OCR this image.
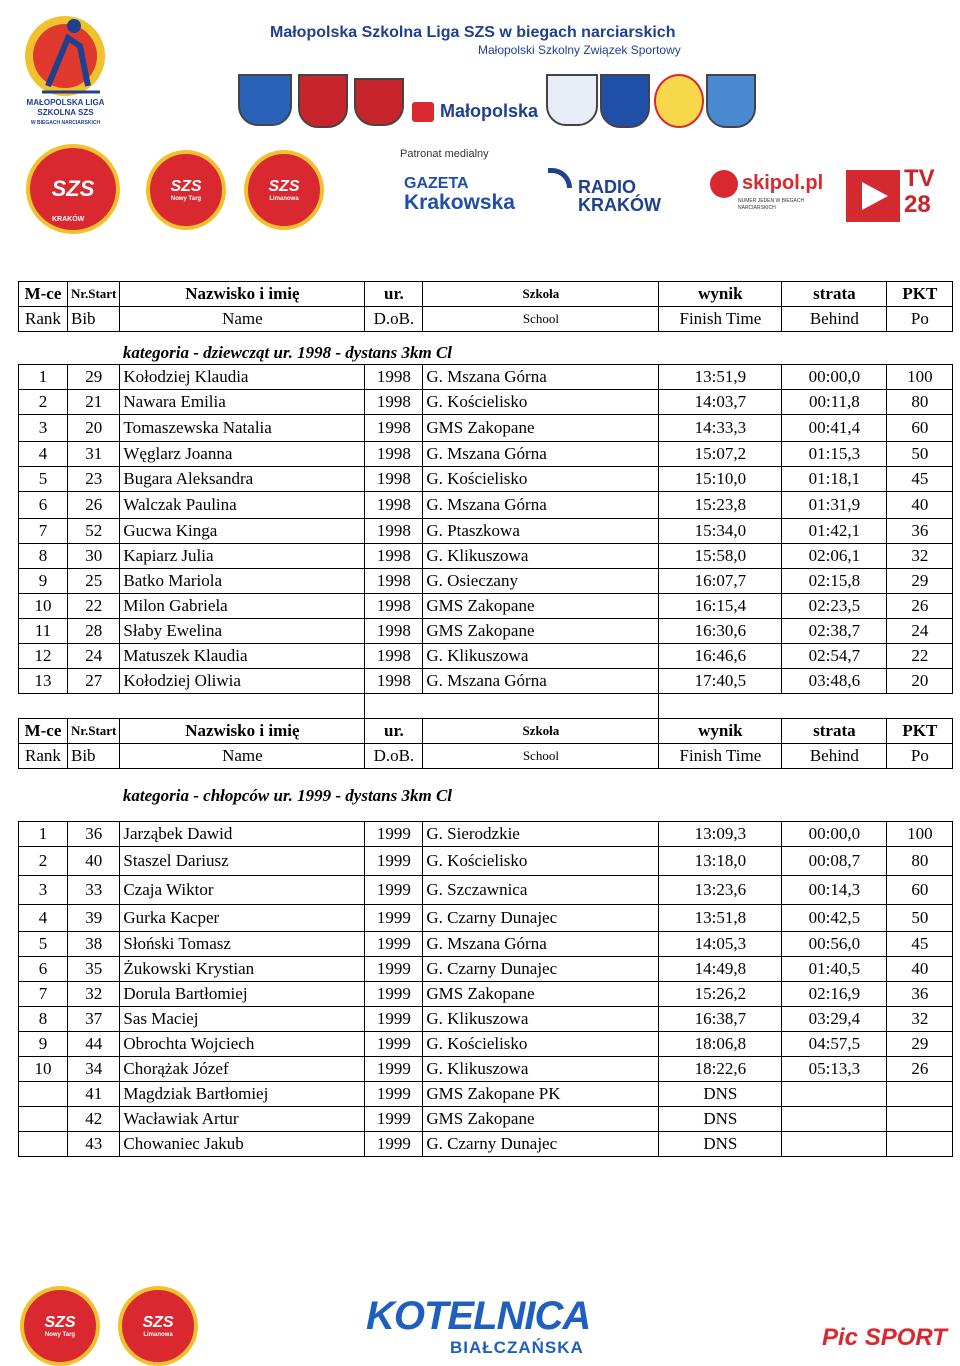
MAŁOPOLSKA LIGA SZKOLNA SZS
W BIEGACH NARCIARSKICH
Małopolska Szkolna Liga SZS w biegach narciarskich
Małopolski Szkolny Związek Sportowy
Małopolska
SZS
KRAKÓW
SZS
Nowy Targ
SZS
Limanowa
Patronat medialny
GAZETA
Krakowska
RADIO
KRAKÓW
skipol.pl
NUMER JEDEN W BIEGACH NARCIARSKICH
TV 28
M-ce	Nr.Start	Nazwisko i imię	ur.	Szkoła	wynik	strata	PKT
Rank	Bib	Name	D.oB.	School	Finish Time	Behind	Po
		kategoria - dziewcząt ur. 1998 - dystans 3km Cl					
1	29	Kołodziej Klaudia	1998	G. Mszana Górna	13:51,9	00:00,0	100
2	21	Nawara Emilia	1998	G. Kościelisko	14:03,7	00:11,8	80
3	20	Tomaszewska Natalia	1998	GMS Zakopane	14:33,3	00:41,4	60
4	31	Węglarz Joanna	1998	G. Mszana Górna	15:07,2	01:15,3	50
5	23	Bugara Aleksandra	1998	G. Kościelisko	15:10,0	01:18,1	45
6	26	Walczak Paulina	1998	G. Mszana Górna	15:23,8	01:31,9	40
7	52	Gucwa Kinga	1998	G. Ptaszkowa	15:34,0	01:42,1	36
8	30	Kapiarz Julia	1998	G. Klikuszowa	15:58,0	02:06,1	32
9	25	Batko Mariola	1998	G. Osieczany	16:07,7	02:15,8	29
10	22	Milon Gabriela	1998	GMS Zakopane	16:15,4	02:23,5	26
11	28	Słaby Ewelina	1998	GMS Zakopane	16:30,6	02:38,7	24
12	24	Matuszek Klaudia	1998	G. Klikuszowa	16:46,6	02:54,7	22
13	27	Kołodziej Oliwia	1998	G. Mszana Górna	17:40,5	03:48,6	20

M-ce	Nr.Start	Nazwisko i imię	ur.	Szkoła	wynik	strata	PKT
Rank	Bib	Name	D.oB.	School	Finish Time	Behind	Po
		kategoria - chłopców ur. 1999 - dystans 3km Cl					

1	36	Jarząbek Dawid	1999	G. Sierodzkie	13:09,3	00:00,0	100
2	40	Staszel Dariusz	1999	G. Kościelisko	13:18,0	00:08,7	80
3	33	Czaja Wiktor	1999	G. Szczawnica	13:23,6	00:14,3	60
4	39	Gurka Kacper	1999	G. Czarny Dunajec	13:51,8	00:42,5	50
5	38	Słoński Tomasz	1999	G. Mszana Górna	14:05,3	00:56,0	45
6	35	Żukowski Krystian	1999	G. Czarny Dunajec	14:49,8	01:40,5	40
7	32	Dorula Bartłomiej	1999	GMS Zakopane	15:26,2	02:16,9	36
8	37	Sas Maciej	1999	G. Klikuszowa	16:38,7	03:29,4	32
9	44	Obrochta Wojciech	1999	G. Kościelisko	18:06,8	04:57,5	29
10	34	Chorążak Józef	1999	G. Klikuszowa	18:22,6	05:13,3	26
	41	Magdziak Bartłomiej	1999	GMS Zakopane PK	DNS		
	42	Wacławiak Artur	1999	GMS Zakopane	DNS		
	43	Chowaniec Jakub	1999	G. Czarny Dunajec	DNS		
SZS
Nowy Targ
SZS
Limanowa	KOTELNICA
BIAŁCZAŃSKA	Pic SPORT
